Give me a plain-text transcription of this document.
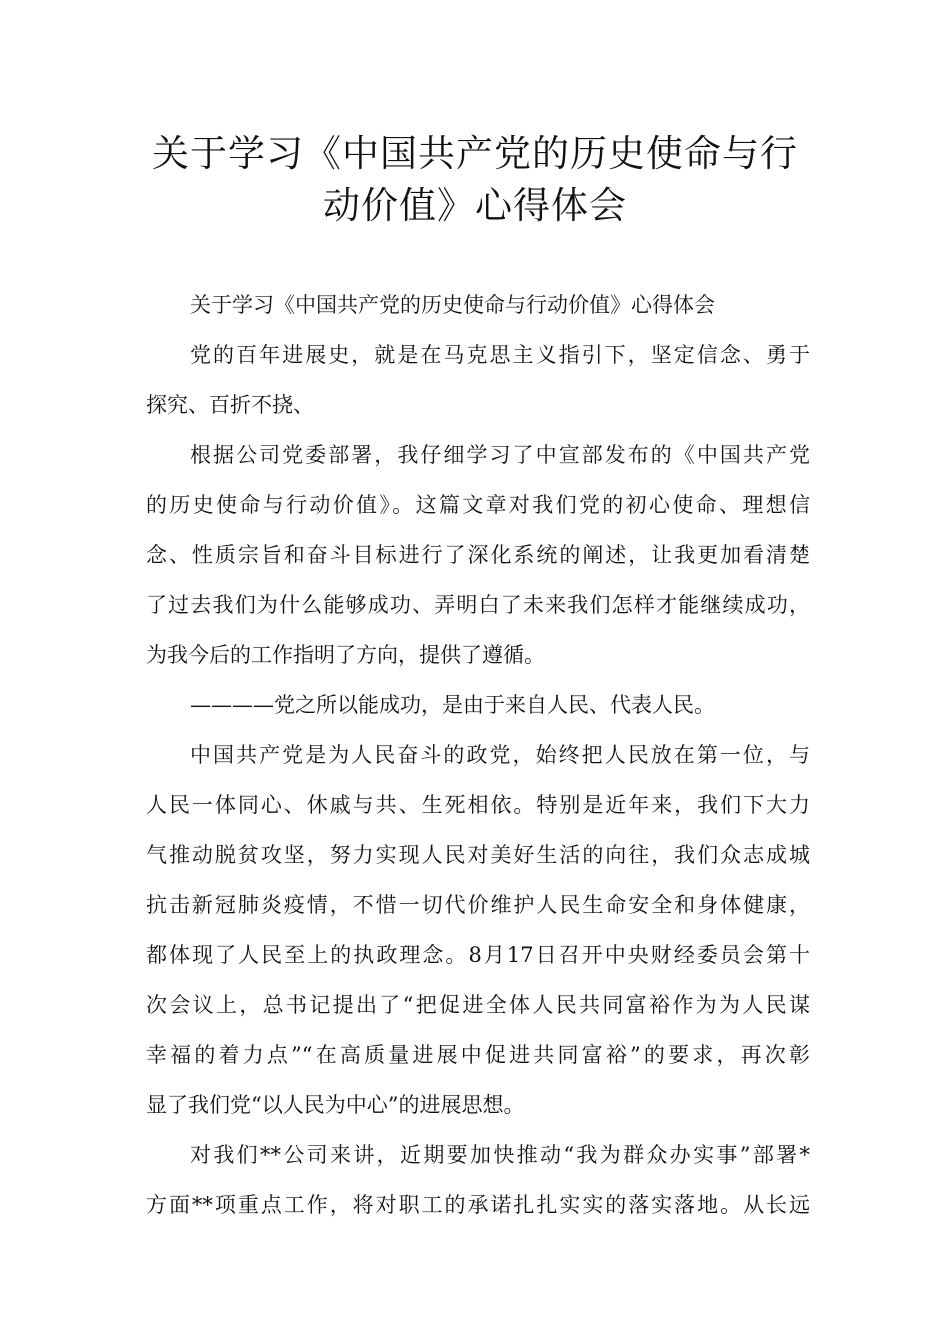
关于学习《中国共产党的历史使命与行
动价值》心得体会
关于学习《中国共产党的历史使命与行动价值》心得体会
党的百年进展史，就是在马克思主义指引下，坚定信念、勇于
探究、百折不挠、
根据公司党委部署，我仔细学习了中宣部发布的《中国共产党
的历史使命与行动价值》。这篇文章对我们党的初心使命、理想信
念、性质宗旨和奋斗目标进行了深化系统的阐述，让我更加看清楚
了过去我们为什么能够成功、弄明白了未来我们怎样才能继续成功，
为我今后的工作指明了方向，提供了遵循。
————党之所以能成功，是由于来自人民、代表人民。
中国共产党是为人民奋斗的政党，始终把人民放在第一位，与
人民一体同心、休戚与共、生死相依。特别是近年来，我们下大力
气推动脱贫攻坚，努力实现人民对美好生活的向往，我们众志成城
抗击新冠肺炎疫情，不惜一切代价维护人民生命安全和身体健康，
都体现了人民至上的执政理念。8月17日召开中央财经委员会第十
次会议上，总书记提出了“把促进全体人民共同富裕作为为人民谋
幸福的着力点”“在高质量进展中促进共同富裕”的要求，再次彰
显了我们党“以人民为中心”的进展思想。
对我们**公司来讲，近期要加快推动“我为群众办实事”部署*
方面**项重点工作，将对职工的承诺扎扎实实的落实落地。从长远
